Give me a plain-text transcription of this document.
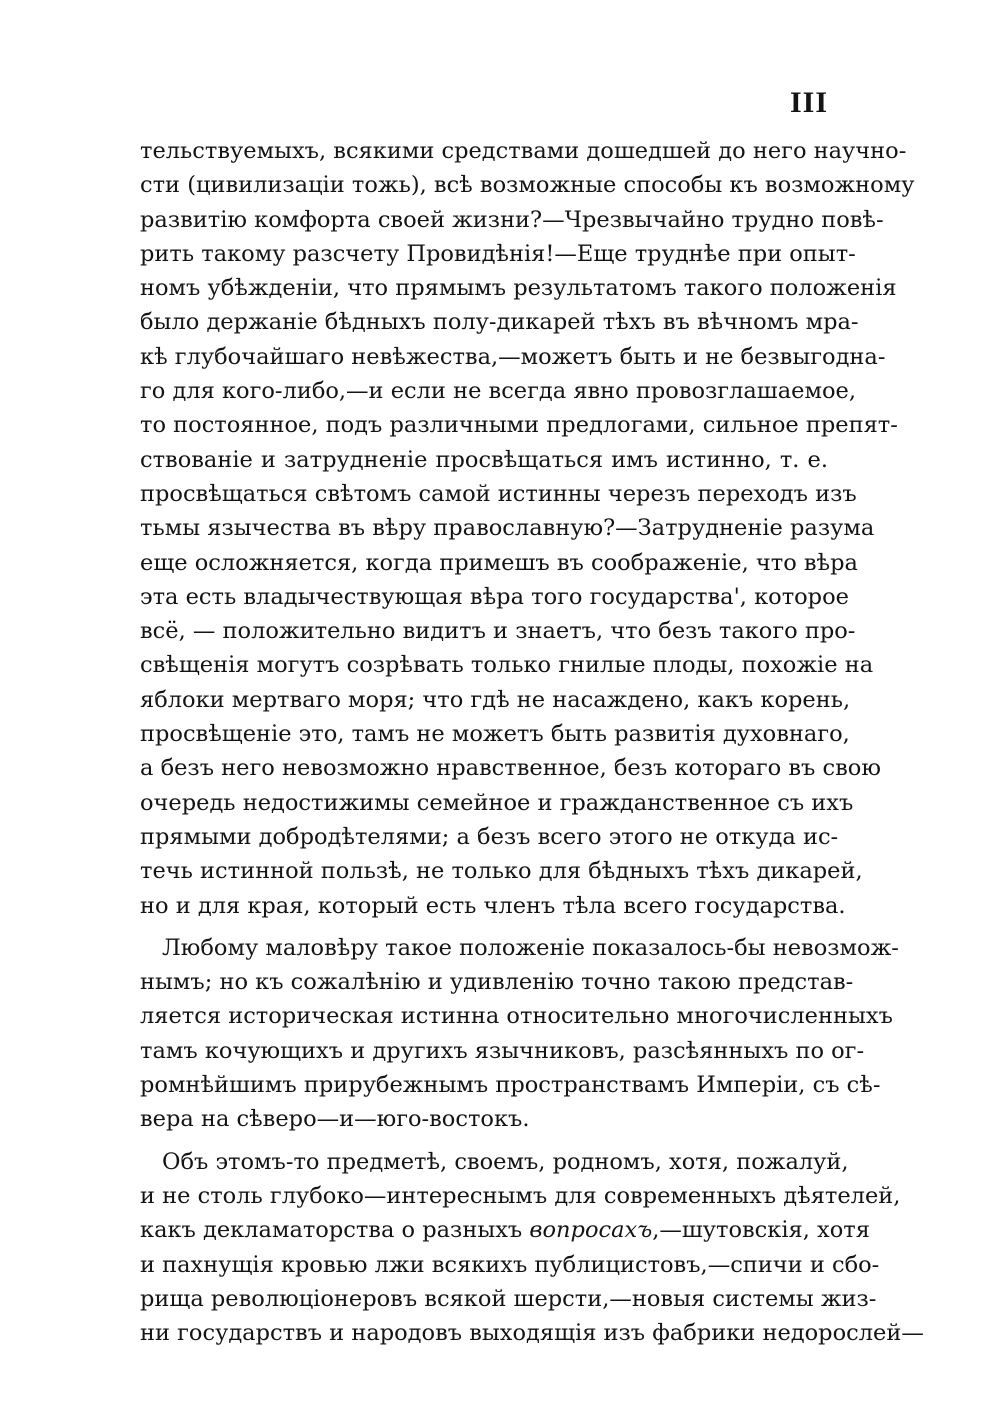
III
тельствуемыхъ, всякими средствами дошедшей до него научно-
сти (цивилизаціи тожь), всѣ возможные способы къ возможному
развитію комфорта своей жизни?—Чрезвычайно трудно повѣ-
рить такому разсчету Провидѣнія!—Еще труднѣе при опыт-
номъ убѣжденіи, что прямымъ результатомъ такого положенія
было держаніе бѣдныхъ полу-дикарей тѣхъ въ вѣчномъ мра-
кѣ глубочайшаго невѣжества,—можетъ быть и не безвыгодна-
го для кого-либо,—и если не всегда явно провозглашаемое,
то постоянное, подъ различными предлогами, сильное препят-
ствованіе и затрудненіе просвѣщаться имъ истинно, т. е.
просвѣщаться свѣтомъ самой истинны черезъ переходъ изъ
тьмы язычества въ вѣру православную?—Затрудненіе разума
еще осложняется, когда примешъ въ соображеніе, что вѣра
эта есть владычествующая вѣра того государства', которое
всё, — положительно видитъ и знаетъ, что безъ такого про-
свѣщенія могутъ созрѣвать только гнилые плоды, похожіе на
яблоки мертваго моря; что гдѣ не насаждено, какъ корень,
просвѣщеніе это, тамъ не можетъ быть развитія духовнаго,
а безъ него невозможно нравственное, безъ котораго въ свою
очередь недостижимы семейное и гражданственное съ ихъ
прямыми добродѣтелями; а безъ всего этого не откуда ис-
течь истинной пользѣ, не только для бѣдныхъ тѣхъ дикарей,
но и для края, который есть членъ тѣла всего государства.
Любому маловѣру такое положеніе показалось-бы невозмож-
нымъ; но къ сожалѣнію и удивленію точно такою представ-
ляется историческая истинна относительно многочисленныхъ
тамъ кочующихъ и другихъ язычниковъ, разсѣянныхъ по ог-
ромнѣйшимъ прирубежнымъ пространствамъ Имперіи, съ сѣ-
вера на сѣверо—и—юго-востокъ.
Объ этомъ-то предметѣ, своемъ, родномъ, хотя, пожалуй,
и не столь глубоко—интереснымъ для современныхъ дѣятелей,
какъ декламаторства о разныхъ вопросахъ,—шутовскія, хотя
и пахнущія кровью лжи всякихъ публицистовъ,—спичи и сбо-
рища революціонеровъ всякой шерсти,—новыя системы жиз-
ни государствъ и народовъ выходящія изъ фабрики недорослей—
